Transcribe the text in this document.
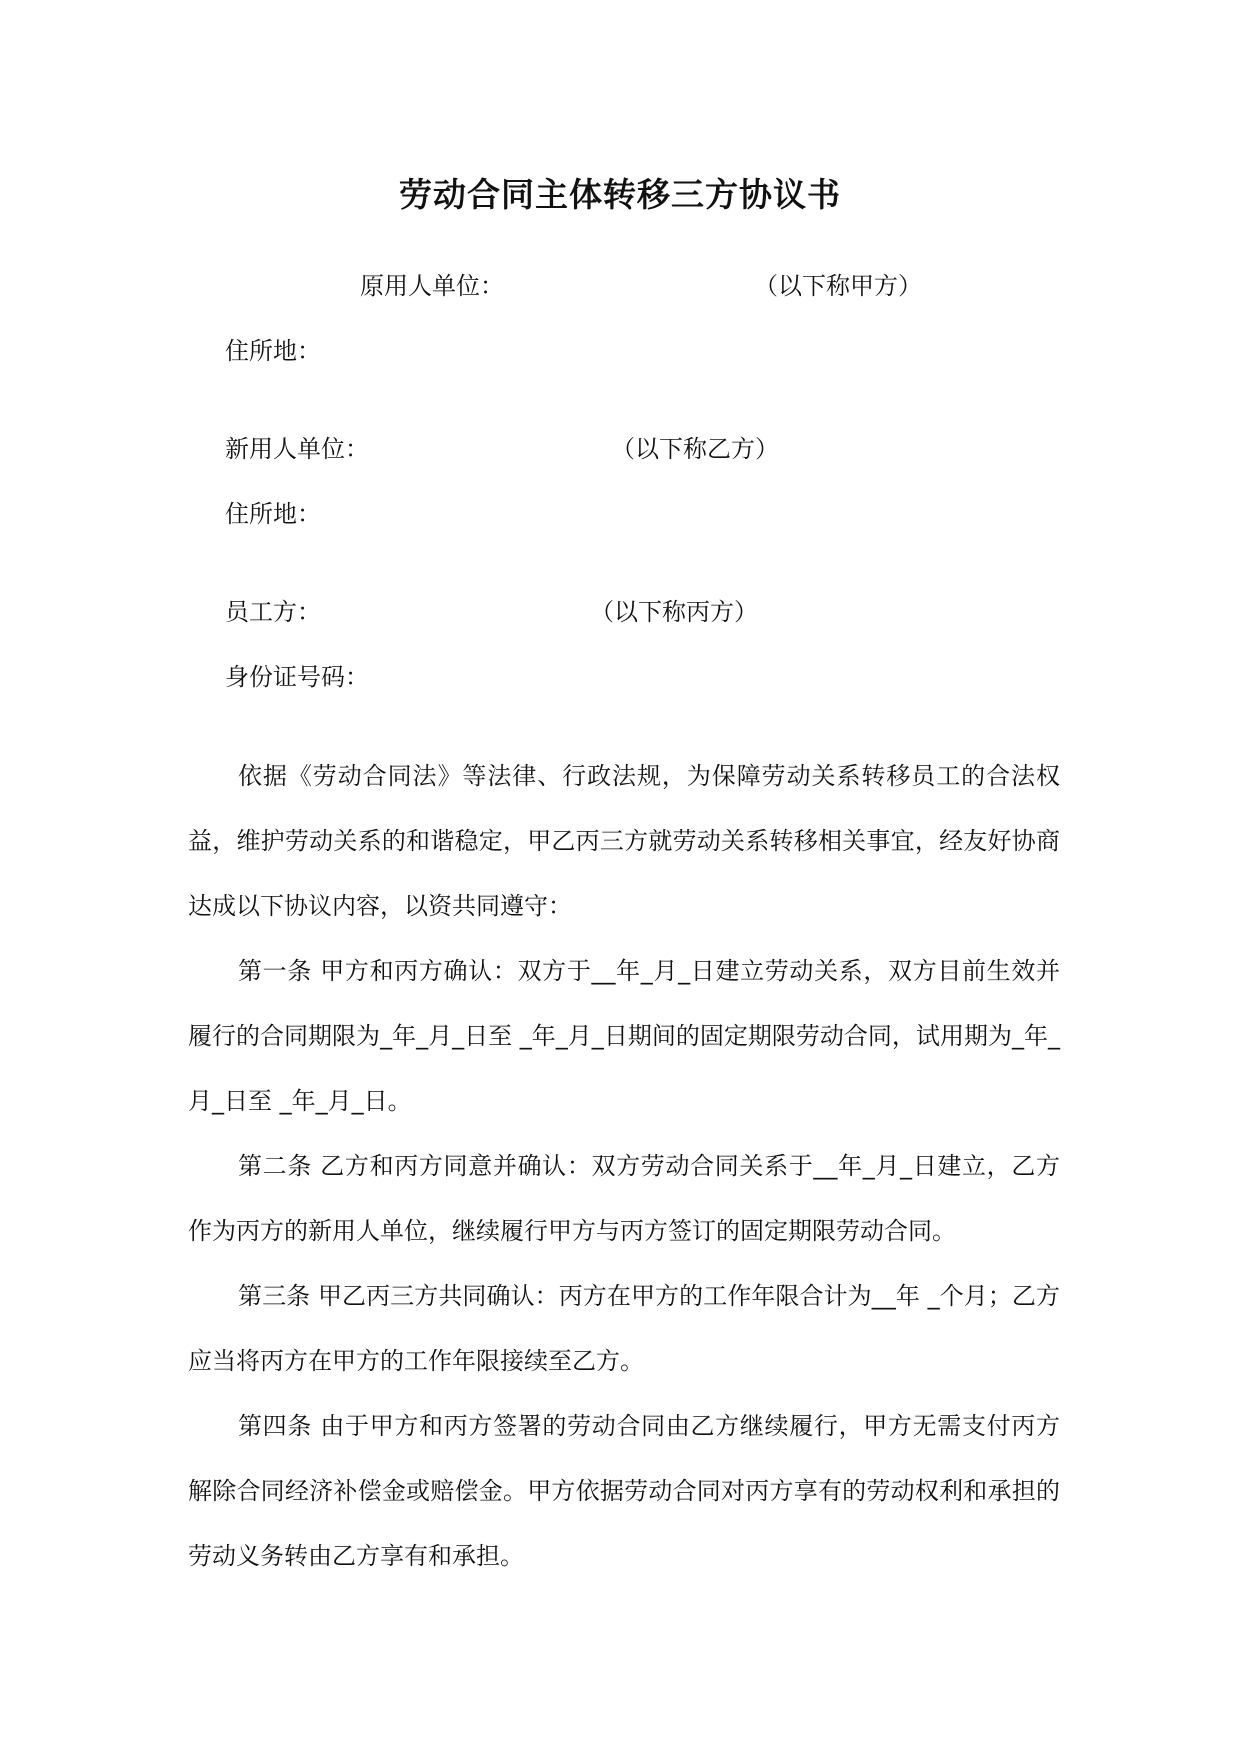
劳动合同主体转移三方协议书
原用人单位：	（以下称甲方）
住所地：
新用人单位：	（以下称乙方）
住所地：
员工方：	（以下称丙方）
身份证号码：

依据《劳动合同法》等法律、行政法规，为保障劳动关系转移员工的合法权益，维护劳动关系的和谐稳定，甲乙丙三方就劳动关系转移相关事宜，经友好协商达成以下协议内容，以资共同遵守：

第一条 甲方和丙方确认：双方于__年_月_日建立劳动关系，双方目前生效并履行的合同期限为_年_月_日至 _年_月_日期间的固定期限劳动合同，试用期为_年_月_日至 _年_月_日。

第二条 乙方和丙方同意并确认：双方劳动合同关系于__年_月_日建立，乙方作为丙方的新用人单位，继续履行甲方与丙方签订的固定期限劳动合同。

第三条 甲乙丙三方共同确认：丙方在甲方的工作年限合计为__年 _个月；乙方应当将丙方在甲方的工作年限接续至乙方。

第四条 由于甲方和丙方签署的劳动合同由乙方继续履行，甲方无需支付丙方解除合同经济补偿金或赔偿金。甲方依据劳动合同对丙方享有的劳动权利和承担的劳动义务转由乙方享有和承担。
